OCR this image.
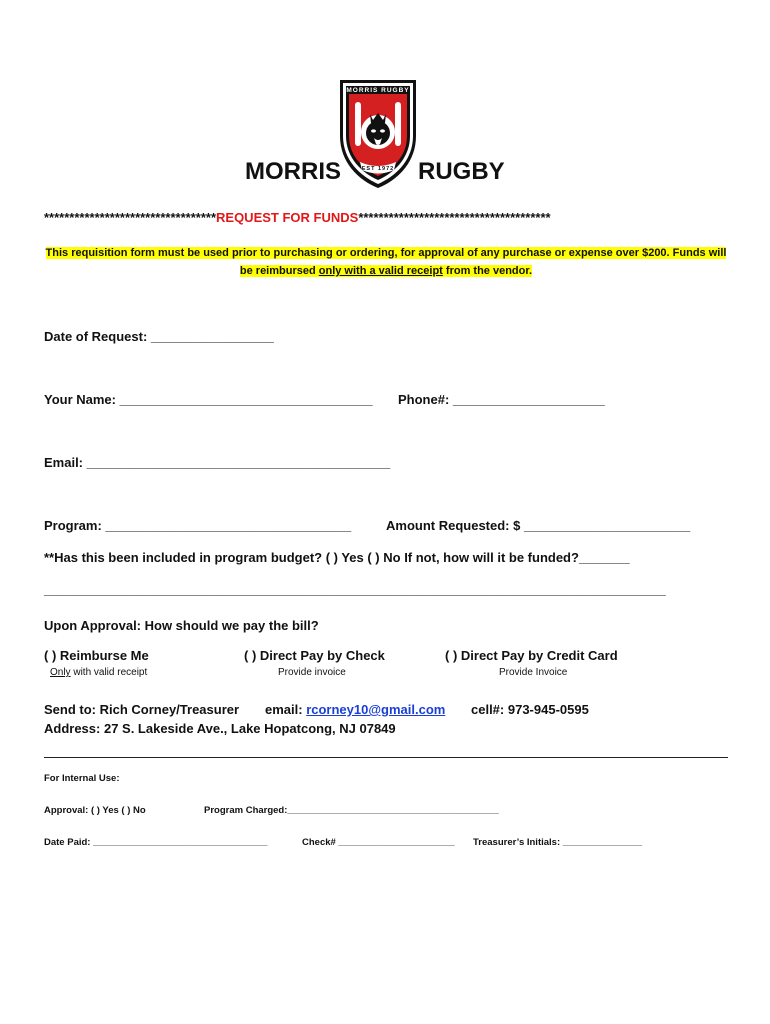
MORRIS RUGBY
EST 1972
MORRIS	RUGBY
**********************************REQUEST FOR FUNDS**************************************
This requisition form must be used prior to purchasing or ordering, for approval of any purchase or expense over $200. Funds will be reimbursed only with a valid receipt from the vendor.
Date of Request: _________________
Your Name: ___________________________________ Phone#: _____________________
Email: __________________________________________
Program: __________________________________	Amount Requested: $ _______________________
**Has this been included in program budget? ( ) Yes ( ) No If not, how will it be funded?_______
______________________________________________________________________________________
Upon Approval: How should we pay the bill?
( ) Reimburse Me
Only with valid receipt
( ) Direct Pay by Check
Provide invoice
( ) Direct Pay by Credit Card
Provide Invoice
Send to: Rich Corney/Treasurer email: rcorney10@gmail.com cell#: 973-945-0595
Address: 27 S. Lakeside Ave., Lake Hopatcong, NJ 07849
For Internal Use:
Approval: ( ) Yes ( ) No	Program Charged:________________________________________
Date Paid: _________________________________	Check# ______________________ Treasurer’s Initials: _______________
